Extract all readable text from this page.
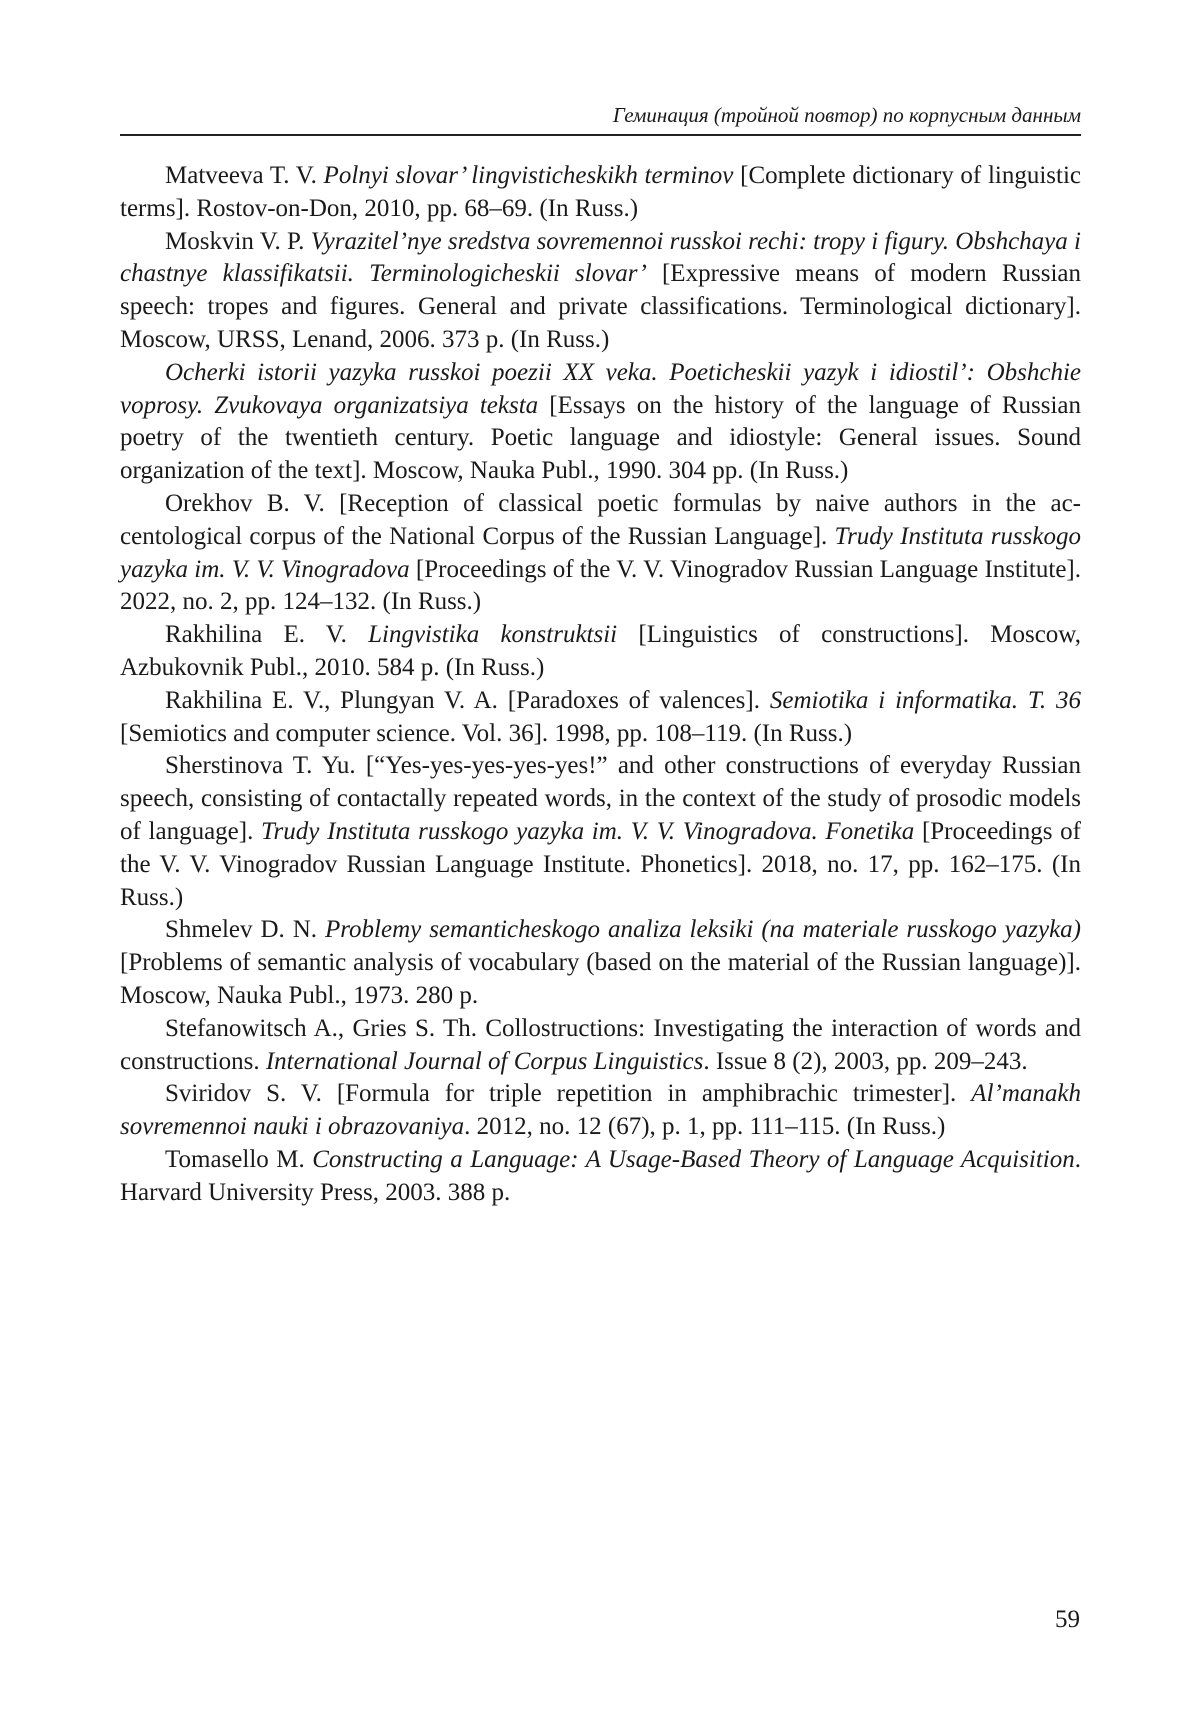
Геминация (тройной повтор) по корпусным данным

Matveeva T. V. Polnyi slovar’ lingvisticheskikh terminov [Complete dictionary of linguistic terms]. Rostov-on-Don, 2010, pp. 68–69. (In Russ.)

Moskvin V. P. Vyrazitel’nye sredstva sovremennoi russkoi rechi: tropy i figury. Obshchaya i chastnye klassifikatsii. Terminologicheskii slovar’ [Expressive means of modern Russian speech: tropes and figures. General and private classifications. Terminological dictionary]. Moscow, URSS, Lenand, 2006. 373 p. (In Russ.)

Ocherki istorii yazyka russkoi poezii XX veka. Poeticheskii yazyk i idiostil’: Obshchie voprosy. Zvukovaya organizatsiya teksta [Essays on the history of the language of Russian poetry of the twentieth century. Poetic language and idiostyle: General issues. Sound organization of the text]. Moscow, Nauka Publ., 1990. 304 pp. (In Russ.)

Orekhov B. V. [Reception of classical poetic formulas by naive authors in the accentological corpus of the National Corpus of the Russian Language]. Trudy Instituta russkogo yazyka im. V. V. Vinogradova [Proceedings of the V. V. Vinogradov Russian Language Institute]. 2022, no. 2, pp. 124–132. (In Russ.)

Rakhilina E. V. Lingvistika konstruktsii [Linguistics of constructions]. Moscow, Azbukovnik Publ., 2010. 584 p. (In Russ.)

Rakhilina E. V., Plungyan V. A. [Paradoxes of valences]. Semiotika i informatika. T. 36 [Semiotics and computer science. Vol. 36]. 1998, pp. 108–119. (In Russ.)

Sherstinova T. Yu. [“Yes-yes-yes-yes-yes!” and other constructions of everyday Russian speech, consisting of contactally repeated words, in the context of the study of prosodic models of language]. Trudy Instituta russkogo yazyka im. V. V. Vinogradova. Fonetika [Proceedings of the V. V. Vinogradov Russian Language Institute. Phonetics]. 2018, no. 17, pp. 162–175. (In Russ.)

Shmelev D. N. Problemy semanticheskogo analiza leksiki (na materiale russkogo yazyka) [Problems of semantic analysis of vocabulary (based on the material of the Russian language)]. Moscow, Nauka Publ., 1973. 280 p.

Stefanowitsch A., Gries S. Th. Collostructions: Investigating the interaction of words and constructions. International Journal of Corpus Linguistics. Issue 8 (2), 2003, pp. 209–243.

Sviridov S. V. [Formula for triple repetition in amphibrachic trimester]. Al’manakh sovremennoi nauki i obrazovaniya. 2012, no. 12 (67), p. 1, pp. 111–115. (In Russ.)

Tomasello M. Constructing a Language: A Usage-Based Theory of Language Acquisition. Harvard University Press, 2003. 388 p.

59
